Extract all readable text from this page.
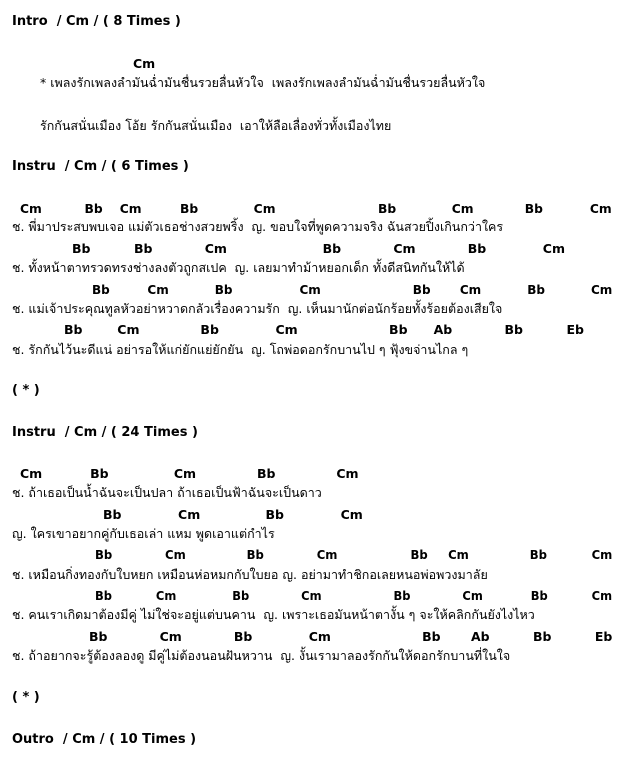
Intro  / Cm / ( 8 Times )
Cm
* เพลงรักเพลงลำมันฉ่ำมันชื่นรวยลื่นหัวใจ  เพลงรักเพลงลำมันฉ่ำมันชื่นรวยลื่นหัวใจ
รักกันสนั่นเมือง โอ้ย รักกันสนั่นเมือง  เอาให้ลือเลื่องทั่วทั้งเมืองไทย
Instru  / Cm / ( 6 Times )
Cm          Bb    Cm         Bb             Cm                        Bb             Cm            Bb           Cm
ช. พี่มาประสบพบเจอ แม่ตัวเธอช่างสวยพริ้ง  ญ. ขอบใจที่พูดความจริง ฉันสวยปิ้งเกินกว่าใคร
Bb          Bb            Cm                      Bb            Cm            Bb             Cm
ช. ทั้งหน้าตาทรวดทรงช่างลงตัวถูกสเปค  ญ. เลยมาทำม้าหยอกเด็ก ทั้งดีสนิทกันให้ได้
Bb         Cm           Bb                Cm                      Bb       Cm           Bb           Cm
ช. แม่เจ้าประคุณทูลหัวอย่าหวาดกลัวเรื่องความรัก  ญ. เห็นมานักต่อนักร้อยทั้งร้อยต้องเสียใจ
Bb        Cm              Bb             Cm                     Bb      Ab            Bb          Eb
ช. รักกันไว้นะดีแน่ อย่ารอให้แก่ยักแย่ยักยัน  ญ. โถพ่อดอกรักบานไป ๆ ฟุ้งขจ่านไกล ๆ
( * )
Instru  / Cm / ( 24 Times )
Cm           Bb               Cm              Bb              Cm
ช. ถ้าเธอเป็นน้ำฉันจะเป็นปลา ถ้าเธอเป็นฟ้าฉันจะเป็นดาว
Bb             Cm               Bb             Cm
ญ. ใครเขาอยากคู่กับเธอเล่า แหม พูดเอาแต่กำไร
Bb             Cm               Bb             Cm                  Bb     Cm               Bb           Cm
ช. เหมือนกิ่งทองกับใบหยก เหมือนห่อหมกกับใบยอ ญ. อย่ามาทำชิกอเลยหนอพ่อพวงมาลัย
Bb           Cm              Bb             Cm                  Bb             Cm            Bb           Cm
ช. คนเราเกิดมาต้องมีคู่ ไม่ใช่จะอยู่แต่บนคาน  ญ. เพราะเธอมันหน้าตางั้น ๆ จะให้คลิกกันยังไงไหว
Bb            Cm            Bb             Cm                     Bb       Ab          Bb          Eb
ช. ถ้าอยากจะรู้ต้องลองดู มีคู่ไม่ต้องนอนฝันหวาน  ญ. งั้นเรามาลองรักกันให้ดอกรักบานที่ในใจ
( * )
Outro  / Cm / ( 10 Times )
